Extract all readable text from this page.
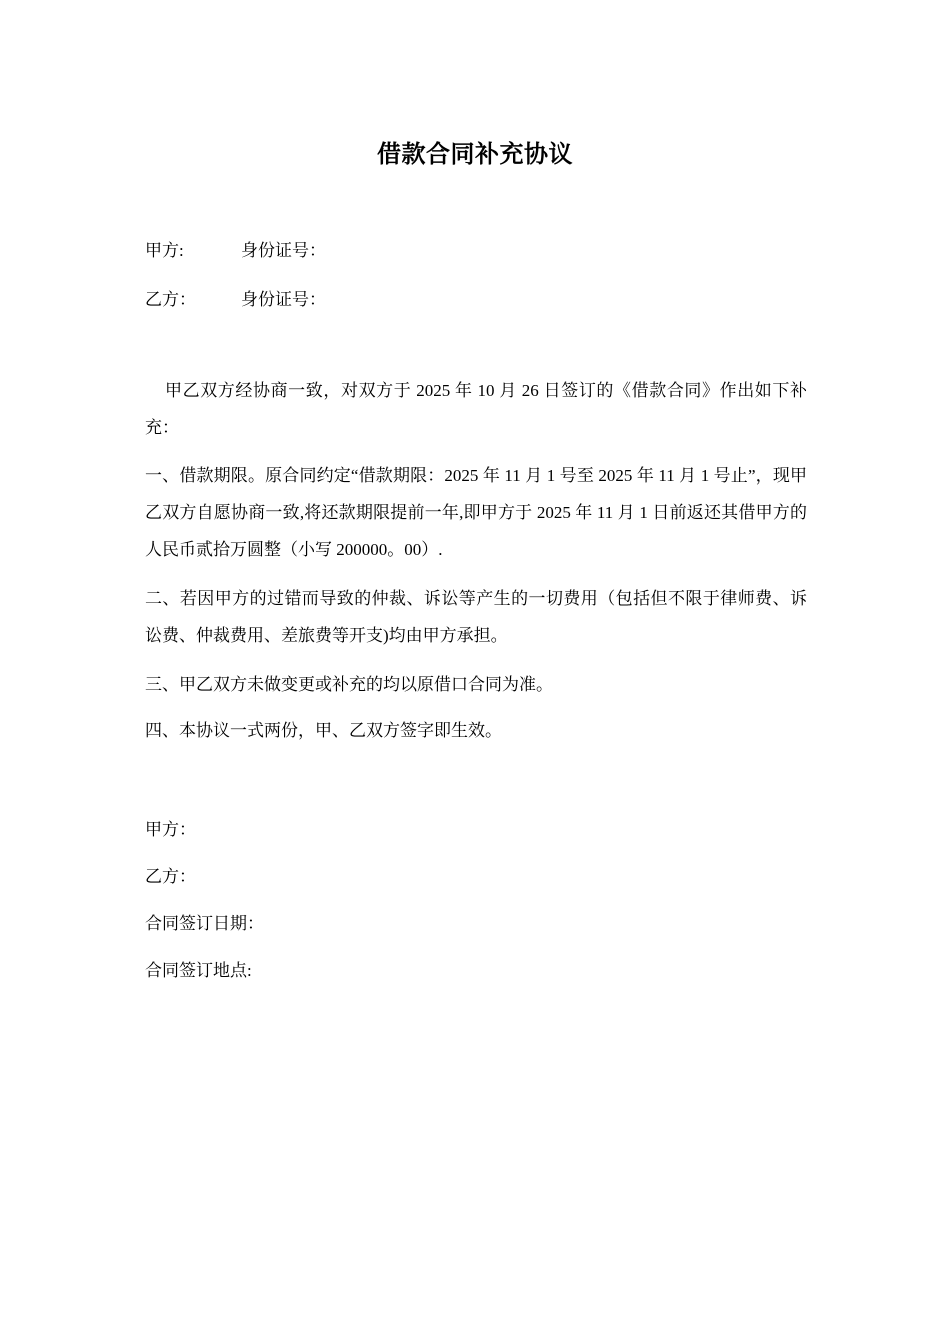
借款合同补充协议
甲方:	身份证号：
乙方：	身份证号：
甲乙双方经协商一致，对双方于 2025 年 10 月 26 日签订的《借款合同》作出如下补充：
一、借款期限。原合同约定“借款期限：2025 年 11 月 1 号至 2025 年 11 月 1 号止”，现甲乙双方自愿协商一致,将还款期限提前一年,即甲方于 2025 年 11 月 1 日前返还其借甲方的人民币贰拾万圆整（小写 200000。00）.
二、若因甲方的过错而导致的仲裁、诉讼等产生的一切费用（包括但不限于律师费、诉讼费、仲裁费用、差旅费等开支)均由甲方承担。
三、甲乙双方未做变更或补充的均以原借口合同为准。
四、本协议一式两份，甲、乙双方签字即生效。
甲方：
乙方：
合同签订日期：
合同签订地点:
